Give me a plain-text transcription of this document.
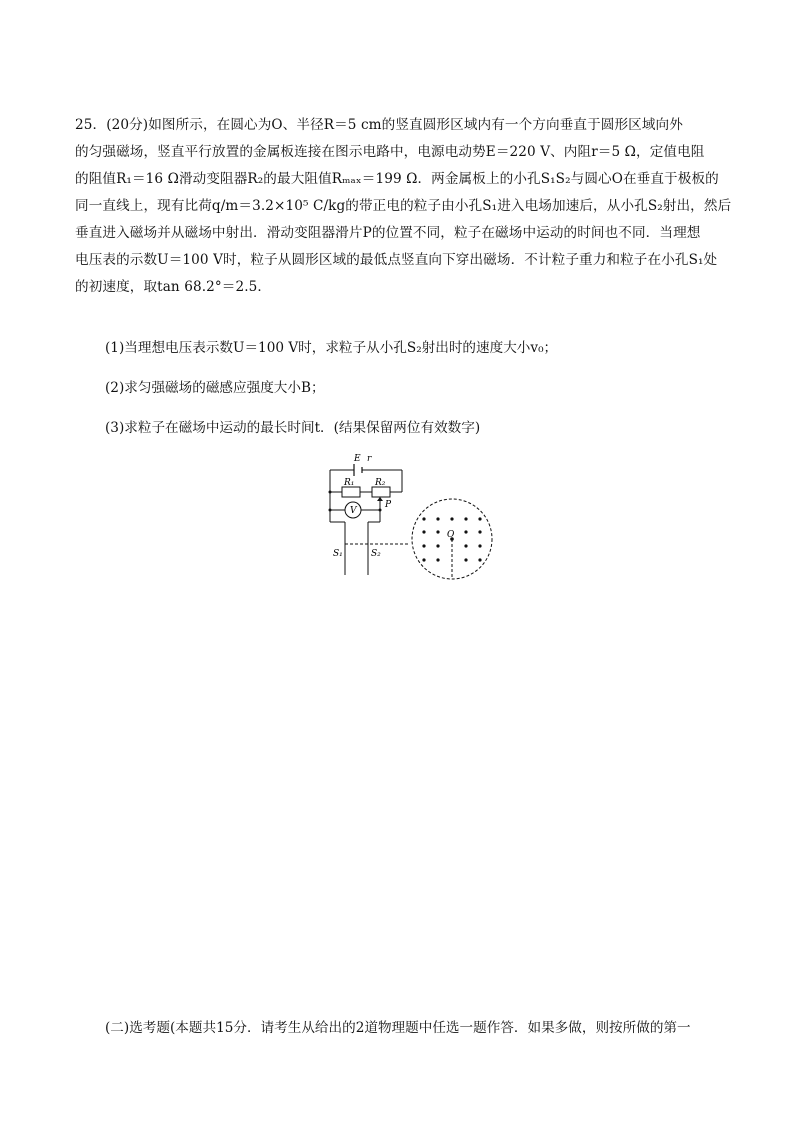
25．(20分)如图所示，在圆心为O、半径R＝5 cm的竖直圆形区域内有一个方向垂直于圆形区域向外
的匀强磁场，竖直平行放置的金属板连接在图示电路中，电源电动势E＝220 V、内阻r＝5 Ω，定值电阻
的阻值R₁＝16 Ω滑动变阻器R₂的最大阻值Rₘₐₓ＝199 Ω．两金属板上的小孔S₁S₂与圆心O在垂直于极板的
同一直线上，现有比荷q/m＝3.2×10⁵ C/kg的带正电的粒子由小孔S₁进入电场加速后，从小孔S₂射出，然后
垂直进入磁场并从磁场中射出．滑动变阻器滑片P的位置不同，粒子在磁场中运动的时间也不同．当理想
电压表的示数U＝100 V时，粒子从圆形区域的最低点竖直向下穿出磁场．不计粒子重力和粒子在小孔S₁处
的初速度，取tan 68.2°＝2.5．
(1)当理想电压表示数U＝100 V时，求粒子从小孔S₂射出时的速度大小v₀；
(2)求匀强磁场的磁感应强度大小B；
(3)求粒子在磁场中运动的最长时间t．(结果保留两位有效数字)
E r
R₁ R₂
V
P
O
S₁	S₂
(二)选考题(本题共15分．请考生从给出的2道物理题中任选一题作答．如果多做，则按所做的第一
